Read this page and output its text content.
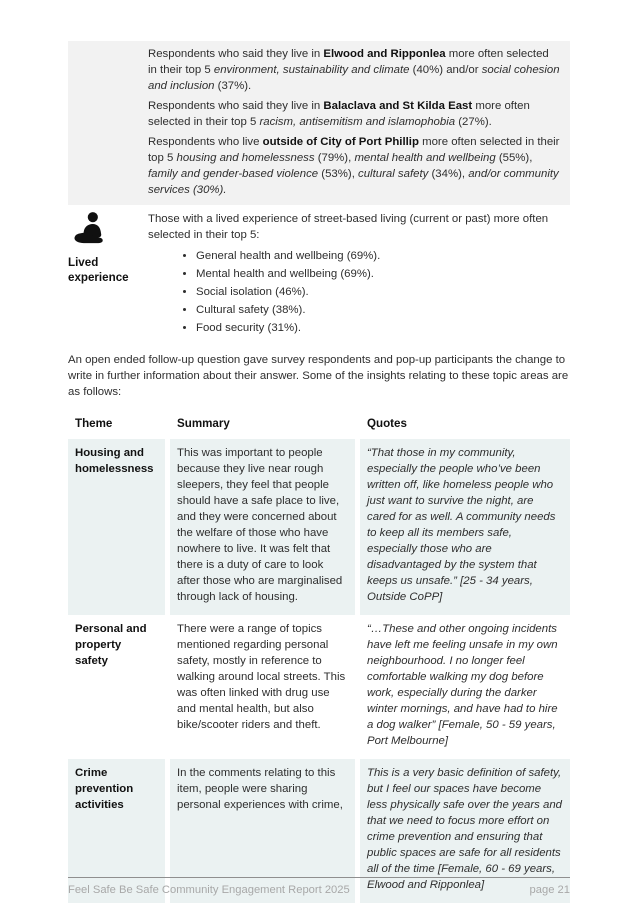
Respondents who said they live in Elwood and Ripponlea more often selected in their top 5 environment, sustainability and climate (40%) and/or social cohesion and inclusion (37%).

Respondents who said they live in Balaclava and St Kilda East more often selected in their top 5 racism, antisemitism and islamophobia (27%).

Respondents who live outside of City of Port Phillip more often selected in their top 5 housing and homelessness (79%), mental health and wellbeing (55%), family and gender-based violence (53%), cultural safety (34%), and/or community services (30%).

Lived experience

Those with a lived experience of street-based living (current or past) more often selected in their top 5:

• General health and wellbeing (69%).
• Mental health and wellbeing (69%).
• Social isolation (46%).
• Cultural safety (38%).
• Food security (31%).

An open ended follow-up question gave survey respondents and pop-up participants the change to write in further information about their answer. Some of the insights relating to these topic areas are as follows:

Theme	Summary	Quotes
Housing and homelessness	This was important to people because they live near rough sleepers, they feel that people should have a safe place to live, and they were concerned about the welfare of those who have nowhere to live. It was felt that there is a duty of care to look after those who are marginalised through lack of housing.	“That those in my community, especially the people who’ve been written off, like homeless people who just want to survive the night, are cared for as well. A community needs to keep all its members safe, especially those who are disadvantaged by the system that keeps us unsafe.” [25 - 34 years, Outside CoPP]
Personal and property safety	There were a range of topics mentioned regarding personal safety, mostly in reference to walking around local streets. This was often linked with drug use and mental health, but also bike/scooter riders and theft.	“…These and other ongoing incidents have left me feeling unsafe in my own neighbourhood. I no longer feel comfortable walking my dog before work, especially during the darker winter mornings, and have had to hire a dog walker” [Female, 50 - 59 years, Port Melbourne]
Crime prevention activities	In the comments relating to this item, people were sharing personal experiences with crime,	This is a very basic definition of safety, but I feel our spaces have become less physically safe over the years and that we need to focus more effort on crime prevention and ensuring that public spaces are safe for all residents all of the time [Female, 60 - 69 years, Elwood and Ripponlea]
Feel Safe Be Safe Community Engagement Report 2025	page 21
